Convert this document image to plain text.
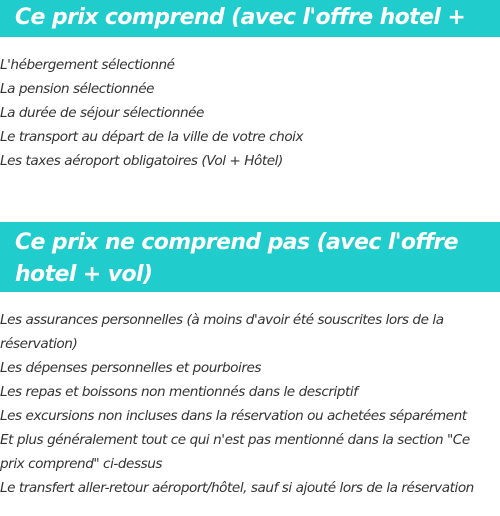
Ce prix comprend (avec l'offre hotel + vol)
L'hébergement sélectionné
La pension sélectionnée
La durée de séjour sélectionnée
Le transport au départ de la ville de votre choix
Les taxes aéroport obligatoires (Vol + Hôtel)
Ce prix ne comprend pas (avec l'offre hotel + vol)
Les assurances personnelles (à moins d'avoir été souscrites lors de la réservation)
Les dépenses personnelles et pourboires
Les repas et boissons non mentionnés dans le descriptif
Les excursions non incluses dans la réservation ou achetées séparément
Et plus généralement tout ce qui n'est pas mentionné dans la section "Ce prix comprend" ci-dessus
Le transfert aller-retour aéroport/hôtel, sauf si ajouté lors de la réservation
